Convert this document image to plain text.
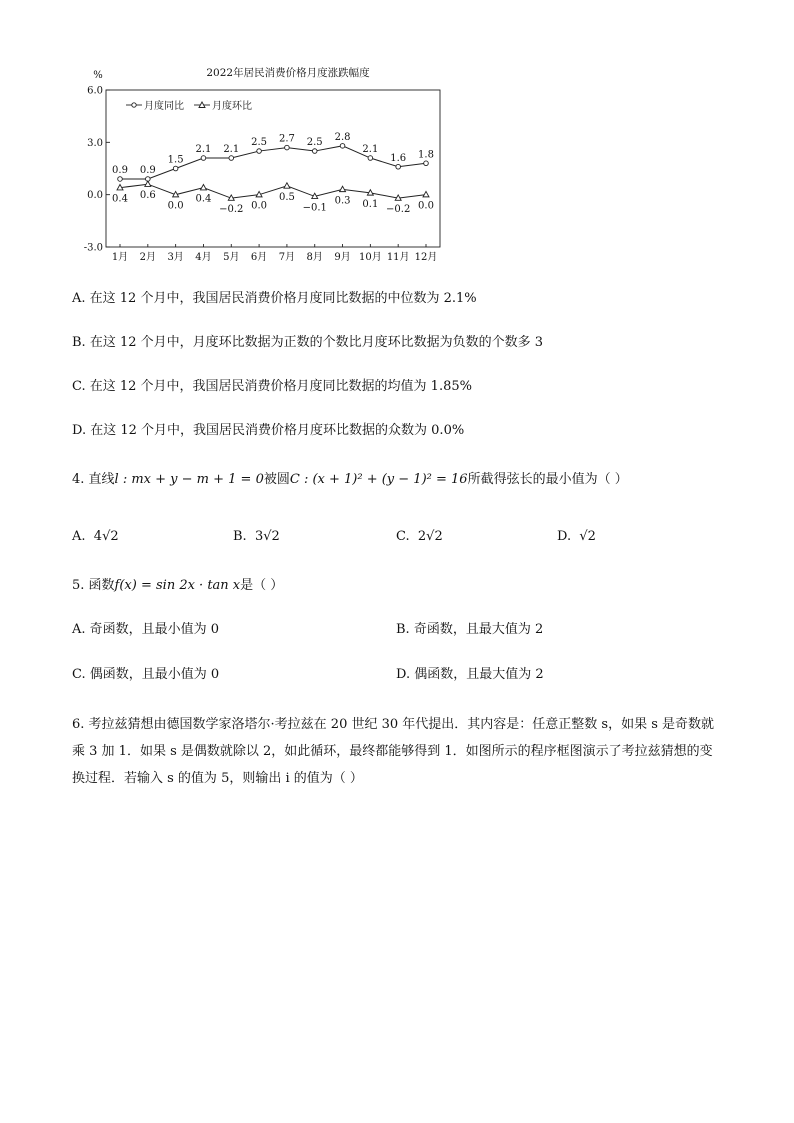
2022年居民消费价格月度涨跌幅度
%
6.0
3.0
0.0
-3.0
1月 2月 3月 4月 5月 6月 7月 8月 9月 10月 11月 12月
月度同比	月度环比
0.9 0.9
1.5
2.1 2.1
2.5 2.7 2.5 2.8
2.1
1.6 1.8
0.4 0.6
0.0
0.4
−0.2 0.0
0.5
−0.1
0.3 0.1 −0.2 0.0
A. 在这 12 个月中，我国居民消费价格月度同比数据的中位数为 2.1%
B. 在这 12 个月中，月度环比数据为正数的个数比月度环比数据为负数的个数多 3
C. 在这 12 个月中，我国居民消费价格月度同比数据的均值为 1.85%
D. 在这 12 个月中，我国居民消费价格月度环比数据的众数为 0.0%
4. 直线l : mx + y − m + 1 = 0被圆C : (x + 1)² + (y − 1)² = 16所截得弦长的最小值为（ ）
A. 4√2	B. 3√2	C. 2√2	D. √2
5. 函数f(x) = sin 2x · tan x是（ ）
A. 奇函数，且最小值为 0	B. 奇函数，且最大值为 2
C. 偶函数，且最小值为 0	D. 偶函数，且最大值为 2
6. 考拉兹猜想由德国数学家洛塔尔·考拉兹在 20 世纪 30 年代提出．其内容是：任意正整数 s，如果 s 是奇数就乘 3 加 1．如果 s 是偶数就除以 2，如此循环，最终都能够得到 1．如图所示的程序框图演示了考拉兹猜想的变换过程．若输入 s 的值为 5，则输出 i 的值为（ ）
